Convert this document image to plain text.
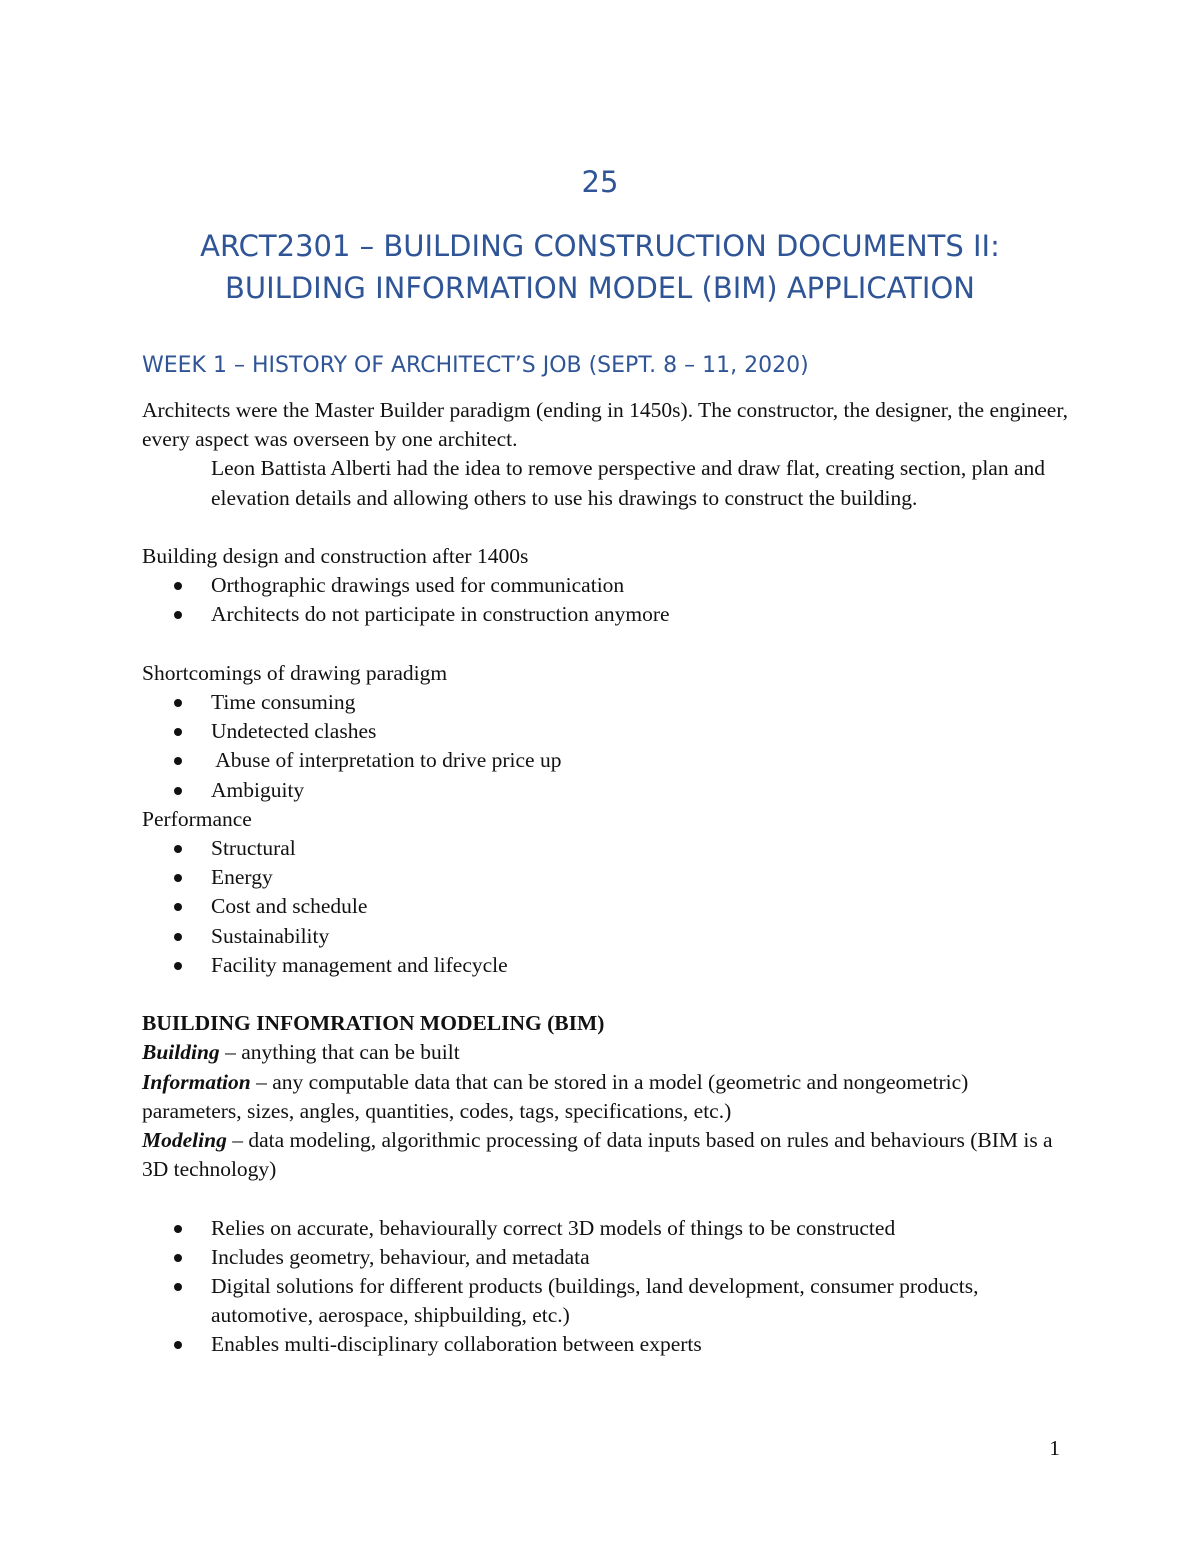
25
ARCT2301 – BUILDING CONSTRUCTION DOCUMENTS II:
BUILDING INFORMATION MODEL (BIM) APPLICATION
WEEK 1 – HISTORY OF ARCHITECT’S JOB (SEPT. 8 – 11, 2020)

Architects were the Master Builder paradigm (ending in 1450s). The constructor, the designer, the engineer, every aspect was overseen by one architect.

Leon Battista Alberti had the idea to remove perspective and draw flat, creating section, plan and elevation details and allowing others to use his drawings to construct the building.

Building design and construction after 1400s

Orthographic drawings used for communication
Architects do not participate in construction anymore

Shortcomings of drawing paradigm

Time consuming
Undetected clashes
Abuse of interpretation to drive price up
Ambiguity

Performance

Structural
Energy
Cost and schedule
Sustainability
Facility management and lifecycle

BUILDING INFOMRATION MODELING (BIM)

Building – anything that can be built

Information – any computable data that can be stored in a model (geometric and nongeometric) parameters, sizes, angles, quantities, codes, tags, specifications, etc.)

Modeling – data modeling, algorithmic processing of data inputs based on rules and behaviours (BIM is a 3D technology)

Relies on accurate, behaviourally correct 3D models of things to be constructed
Includes geometry, behaviour, and metadata
Digital solutions for different products (buildings, land development, consumer products, automotive, aerospace, shipbuilding, etc.)
Enables multi-disciplinary collaboration between experts
1
